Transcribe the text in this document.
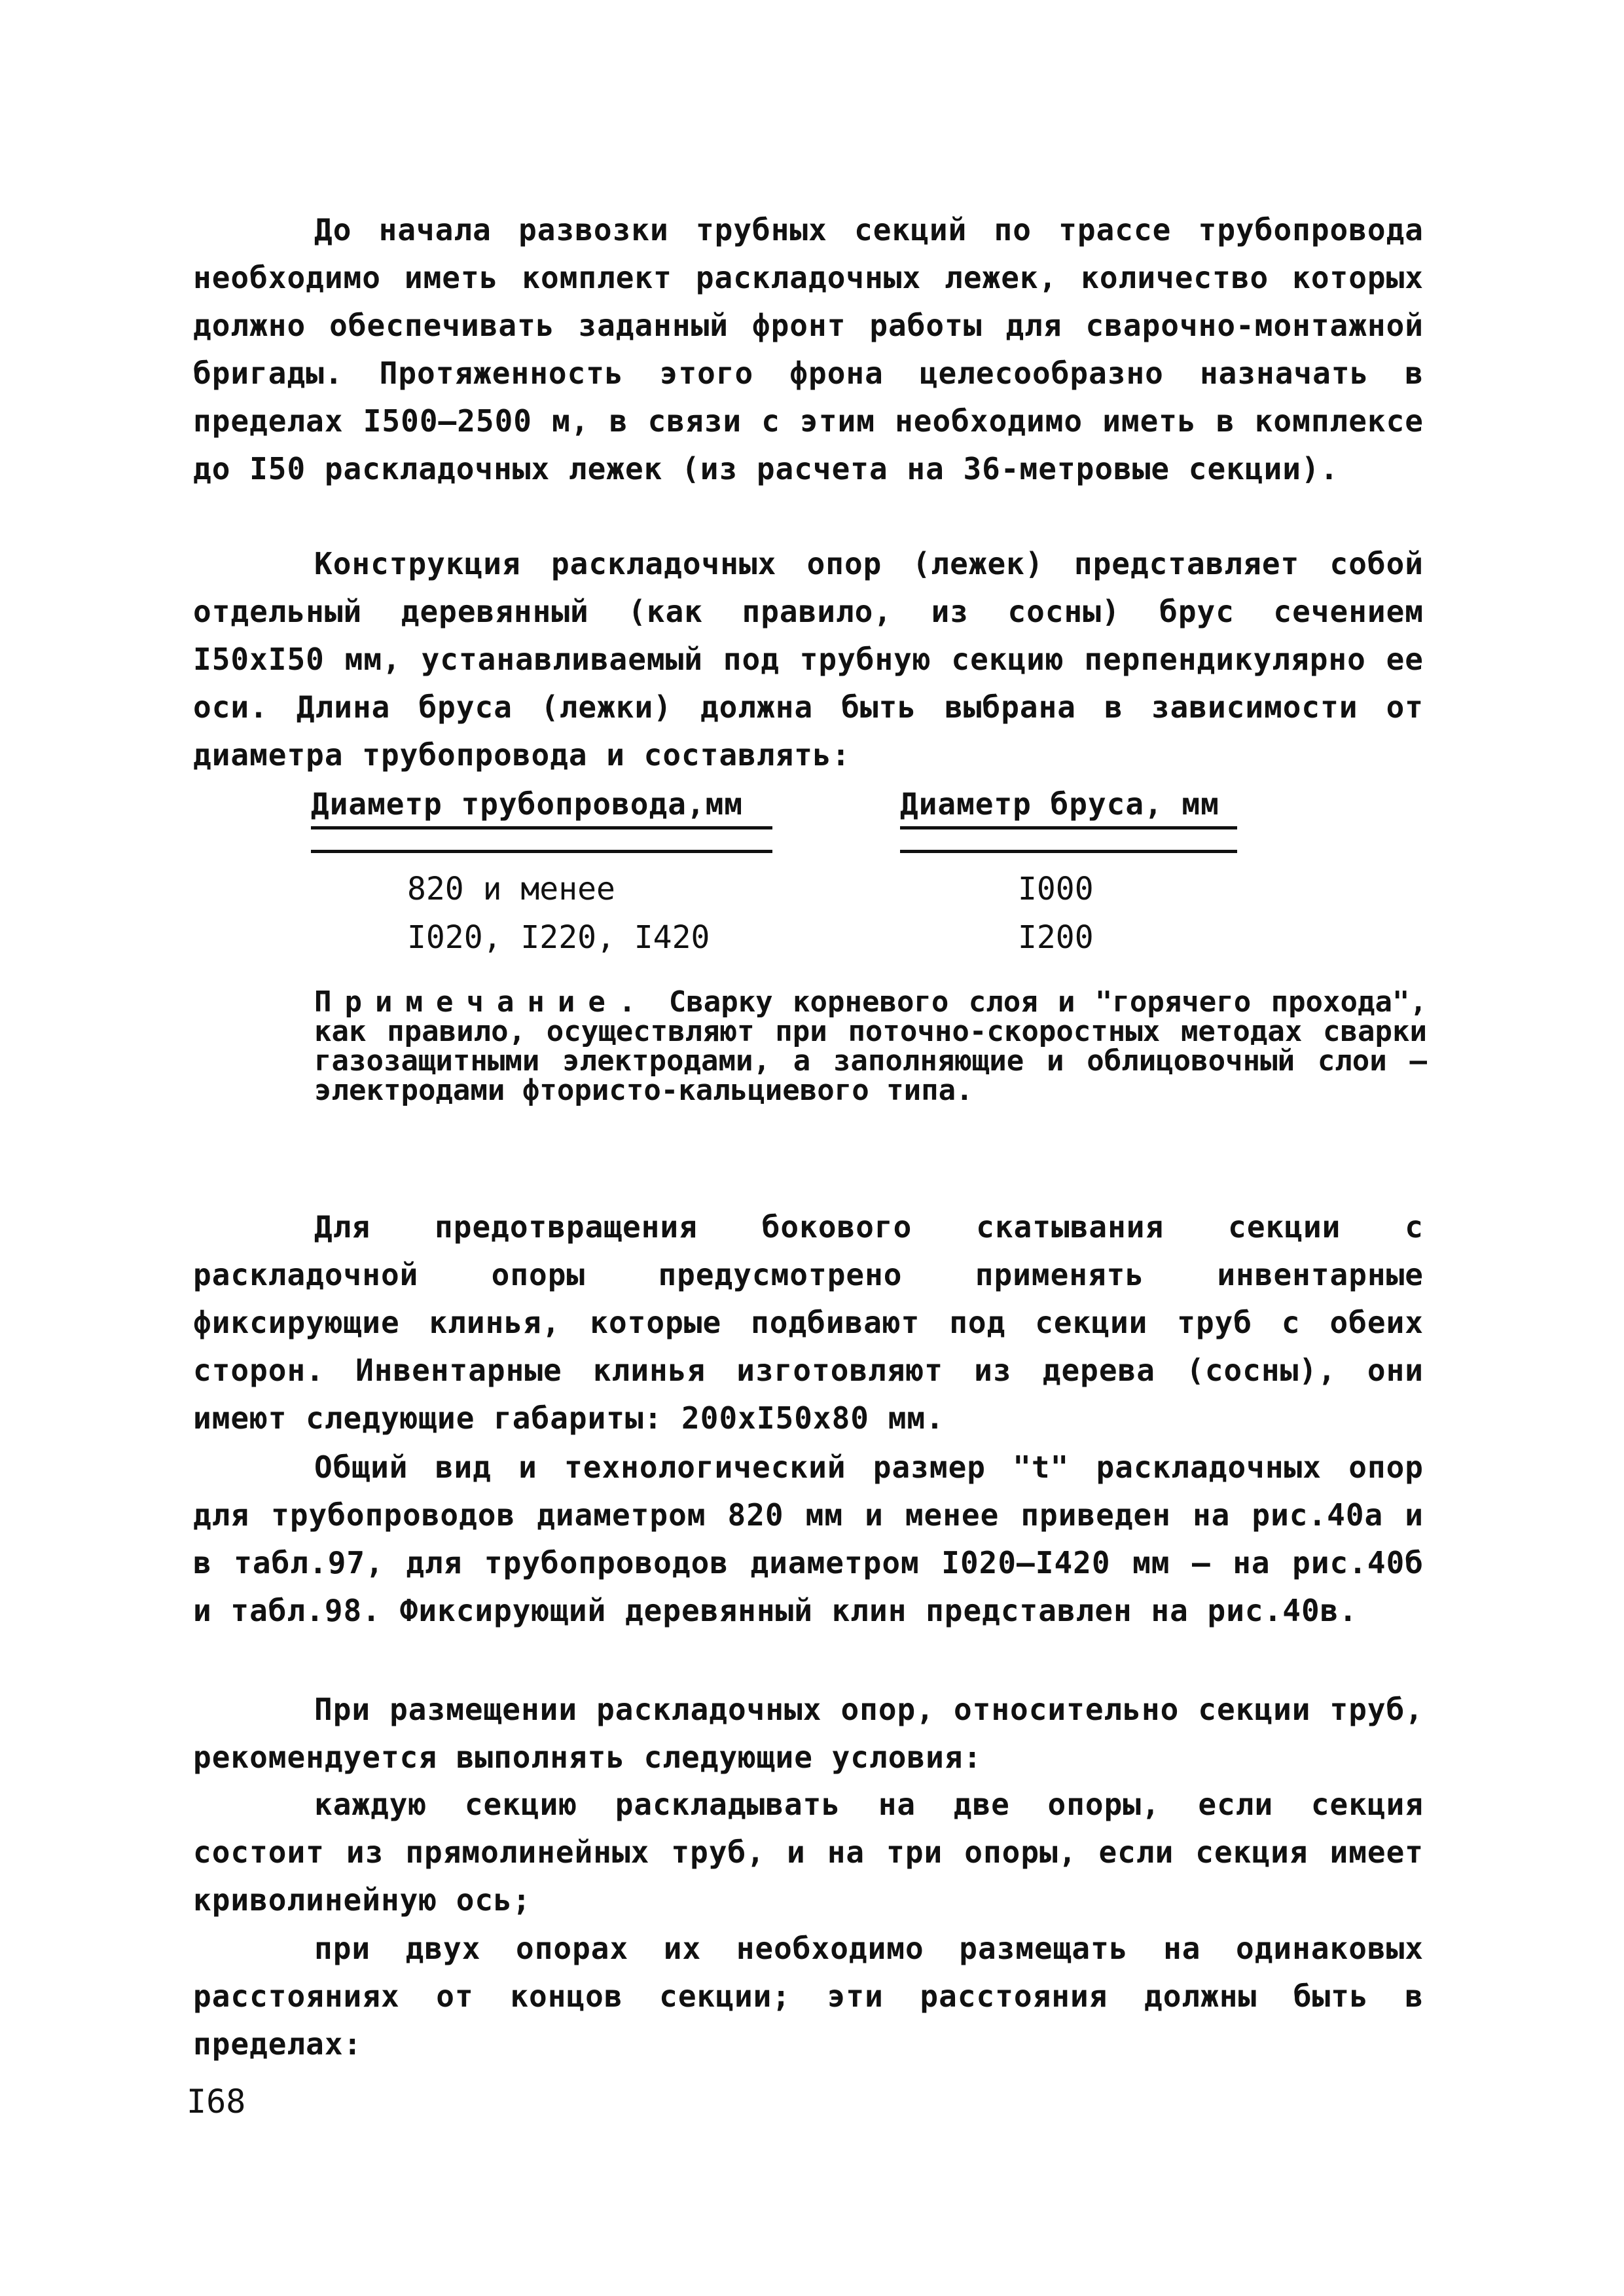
До начала развозки трубных секций по трассе трубопровода необходимо иметь комплект раскладочных лежек, количество которых должно обеспечивать заданный фронт работы для сварочно-монтажной бригады. Протяженность этого фрона целесообразно назначать в пределах I500–2500 м, в связи с этим необходимо иметь в комплексе до I50 раскладочных лежек (из расчета на 36-метровые секции).

Конструкция раскладочных опор (лежек) представляет собой отдельный деревянный (как правило, из сосны) брус сечением I50хI50 мм, устанавливаемый под трубную секцию перпендикулярно ее оси. Длина бруса (лежки) должна быть выбрана в зависимости от диаметра трубопровода и составлять:

Диаметр трубопровода,мм	Диаметр бруса, мм
820 и менее	I000
I020, I220, I420	I200

Примечание. Сварку корневого слоя и "горячего прохода", как правило, осуществляют при поточно-скоростных методах сварки газозащитными электродами, а заполняющие и облицовочный слои – электродами фтористо-кальциевого типа.

Для предотвращения бокового скатывания секции с раскладочной опоры предусмотрено применять инвентарные фиксирующие клинья, которые подбивают под секции труб с обеих сторон. Инвентарные клинья изготовляют из дерева (сосны), они имеют следующие габариты: 200хI50х80 мм.

Общий вид и технологический размер "t" раскладочных опор для трубопроводов диаметром 820 мм и менее приведен на рис.40а и в табл.97, для трубопроводов диаметром I020–I420 мм – на рис.40б и табл.98. Фиксирующий деревянный клин представлен на рис.40в.

При размещении раскладочных опор, относительно секции труб, рекомендуется выполнять следующие условия:

каждую секцию раскладывать на две опоры, если секция состоит из прямолинейных труб, и на три опоры, если секция имеет криволинейную ось;

при двух опорах их необходимо размещать на одинаковых расстояниях от концов секции; эти расстояния должны быть в пределах:

I68
